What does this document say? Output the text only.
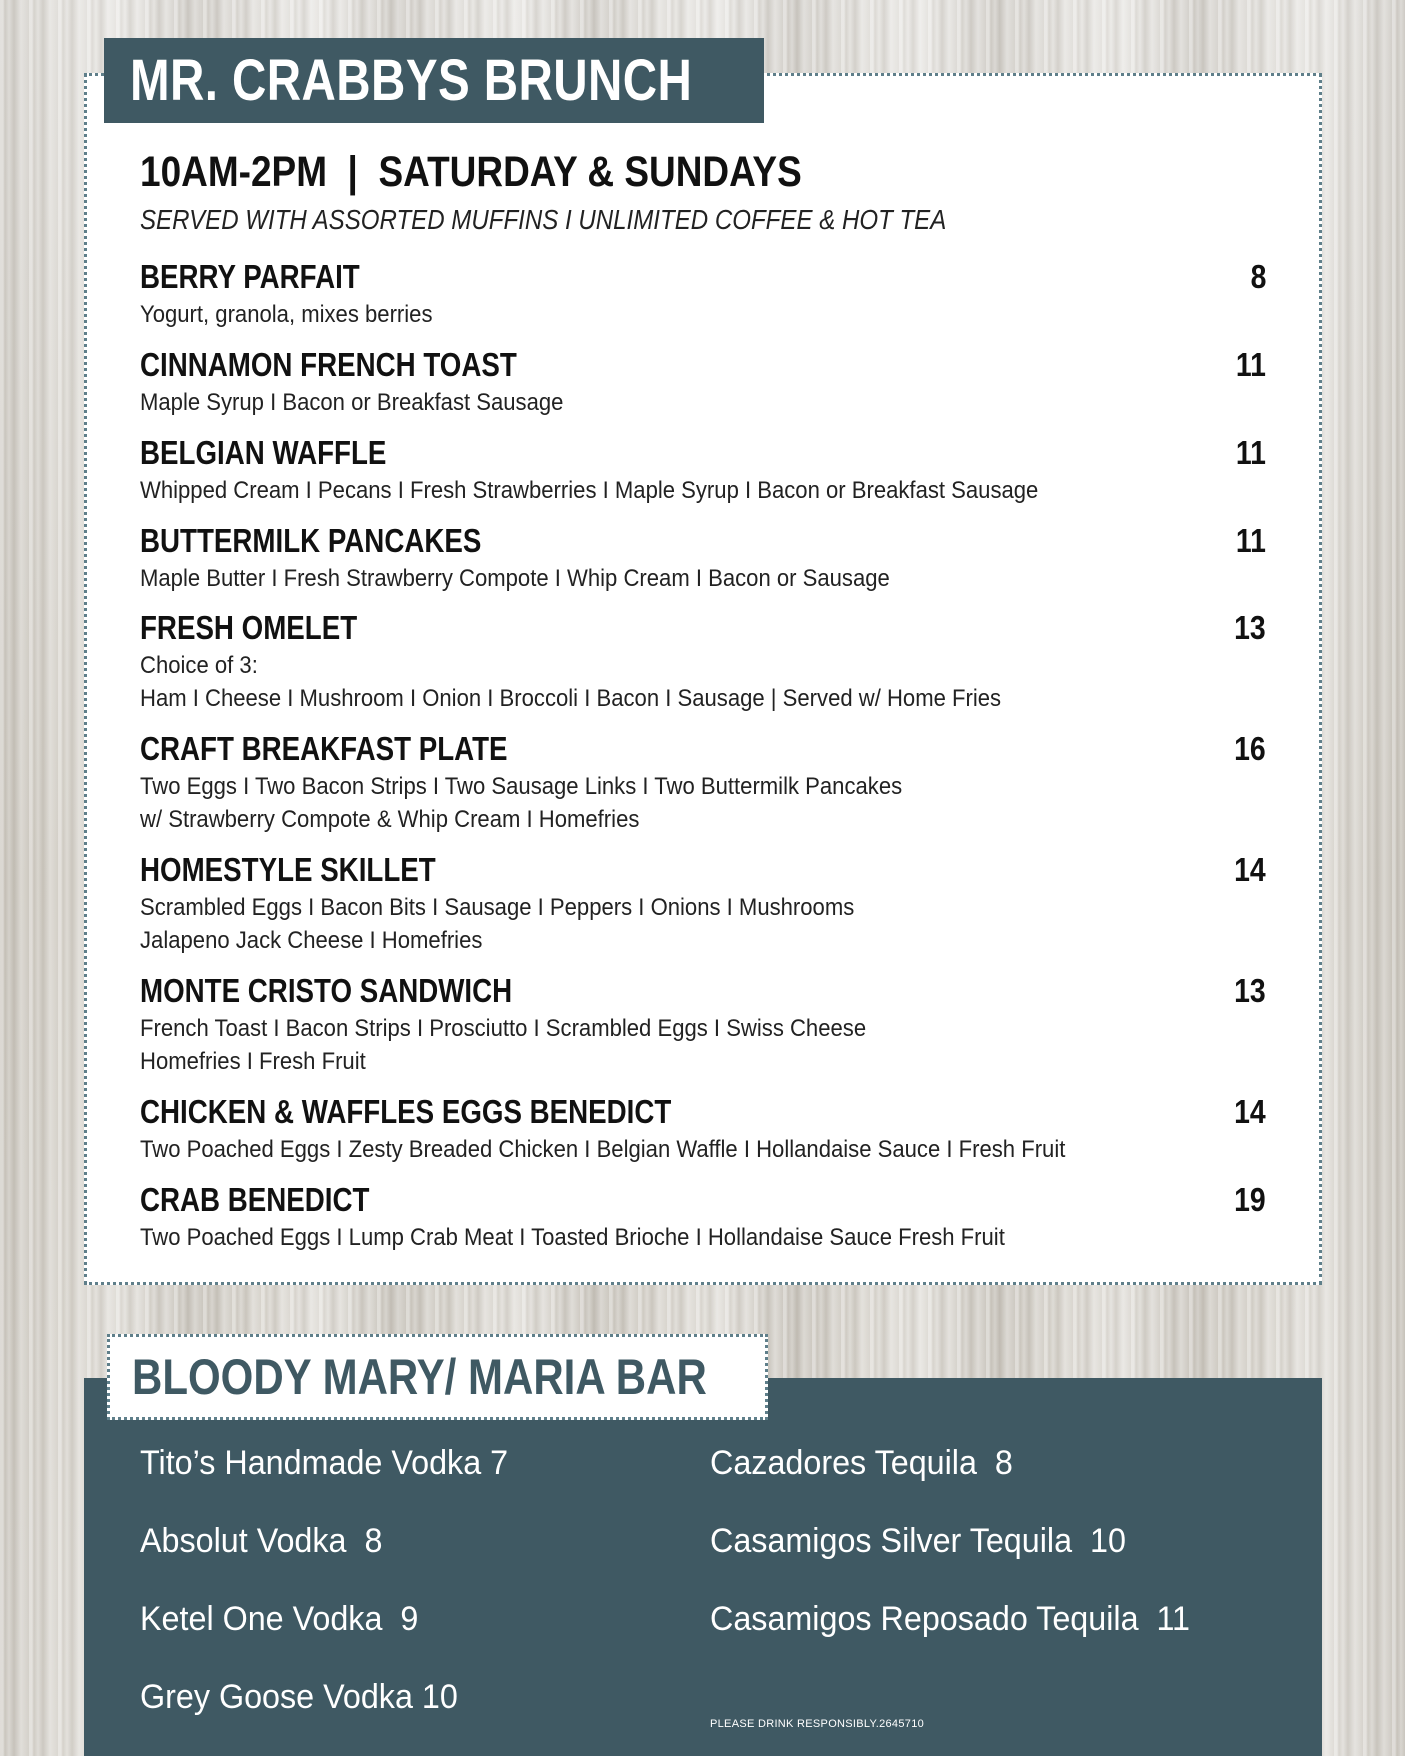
MR. CRABBYS BRUNCH
10AM-2PM  |  SATURDAY & SUNDAYS
SERVED WITH ASSORTED MUFFINS I UNLIMITED COFFEE & HOT TEA
BERRY PARFAIT	8
Yogurt, granola, mixes berries
CINNAMON FRENCH TOAST	11
Maple Syrup I Bacon or Breakfast Sausage
BELGIAN WAFFLE	11
Whipped Cream I Pecans I Fresh Strawberries I Maple Syrup I Bacon or Breakfast Sausage
BUTTERMILK PANCAKES	11
Maple Butter I Fresh Strawberry Compote I Whip Cream I Bacon or Sausage
FRESH OMELET	13
Choice of 3:
Ham I Cheese I Mushroom I Onion I Broccoli I Bacon I Sausage | Served w/ Home Fries
CRAFT BREAKFAST PLATE	16
Two Eggs I Two Bacon Strips I Two Sausage Links I Two Buttermilk Pancakes
w/ Strawberry Compote & Whip Cream I Homefries
HOMESTYLE SKILLET	14
Scrambled Eggs I Bacon Bits I Sausage I Peppers I Onions I Mushrooms
Jalapeno Jack Cheese I Homefries
MONTE CRISTO SANDWICH	13
French Toast I Bacon Strips I Prosciutto I Scrambled Eggs I Swiss Cheese
Homefries I Fresh Fruit
CHICKEN & WAFFLES EGGS BENEDICT	14
Two Poached Eggs I Zesty Breaded Chicken I Belgian Waffle I Hollandaise Sauce I Fresh Fruit
CRAB BENEDICT	19
Two Poached Eggs I Lump Crab Meat I Toasted Brioche I Hollandaise Sauce Fresh Fruit
BLOODY MARY/ MARIA BAR
Tito’s Handmade Vodka 7
Absolut Vodka  8
Ketel One Vodka  9
Grey Goose Vodka 10
Cazadores Tequila  8
Casamigos Silver Tequila  10
Casamigos Reposado Tequila  11
PLEASE DRINK RESPONSIBLY.2645710
